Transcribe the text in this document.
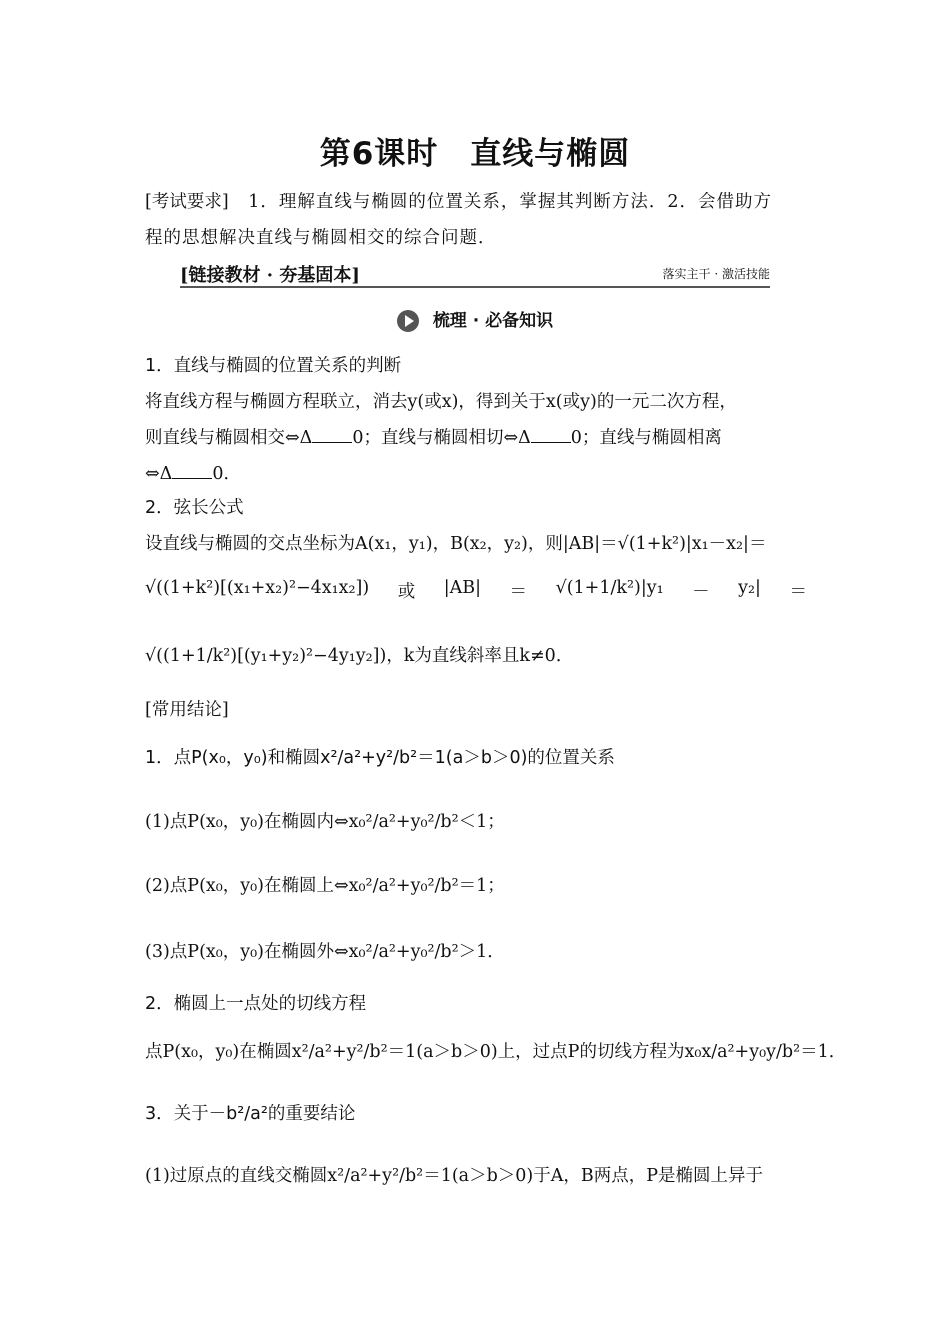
第6课时　直线与椭圆
[考试要求] 1．理解直线与椭圆的位置关系，掌握其判断方法．2．会借助方
程的思想解决直线与椭圆相交的综合问题．
[链接教材 · 夯基固本]	落实主干 · 激活技能
梳理 · 必备知识
1．直线与椭圆的位置关系的判断
将直线方程与椭圆方程联立，消去y(或x)，得到关于x(或y)的一元二次方程，
则直线与椭圆相交⇔Δ 0；直线与椭圆相切⇔Δ 0；直线与椭圆相离
⇔Δ 0．
2．弦长公式
设直线与椭圆的交点坐标为A(x₁，y₁)，B(x₂，y₂)，则|AB|＝√(1+k²)|x₁－x₂|＝
√((1+k²)[(x₁+x₂)²−4x₁x₂]) 或 |AB| ＝ √(1+1/k²)|y₁ － y₂| ＝
√((1+1/k²)[(y₁+y₂)²−4y₁y₂])，k为直线斜率且k≠0．
[常用结论]
1．点P(x₀，y₀)和椭圆x²/a²+y²/b²＝1(a＞b＞0)的位置关系
(1)点P(x₀，y₀)在椭圆内⇔x₀²/a²+y₀²/b²＜1；
(2)点P(x₀，y₀)在椭圆上⇔x₀²/a²+y₀²/b²＝1；
(3)点P(x₀，y₀)在椭圆外⇔x₀²/a²+y₀²/b²＞1．
2．椭圆上一点处的切线方程
点P(x₀，y₀)在椭圆x²/a²+y²/b²＝1(a＞b＞0)上，过点P的切线方程为x₀x/a²+y₀y/b²＝1．
3．关于－b²/a²的重要结论
(1)过原点的直线交椭圆x²/a²+y²/b²＝1(a＞b＞0)于A，B两点，P是椭圆上异于
